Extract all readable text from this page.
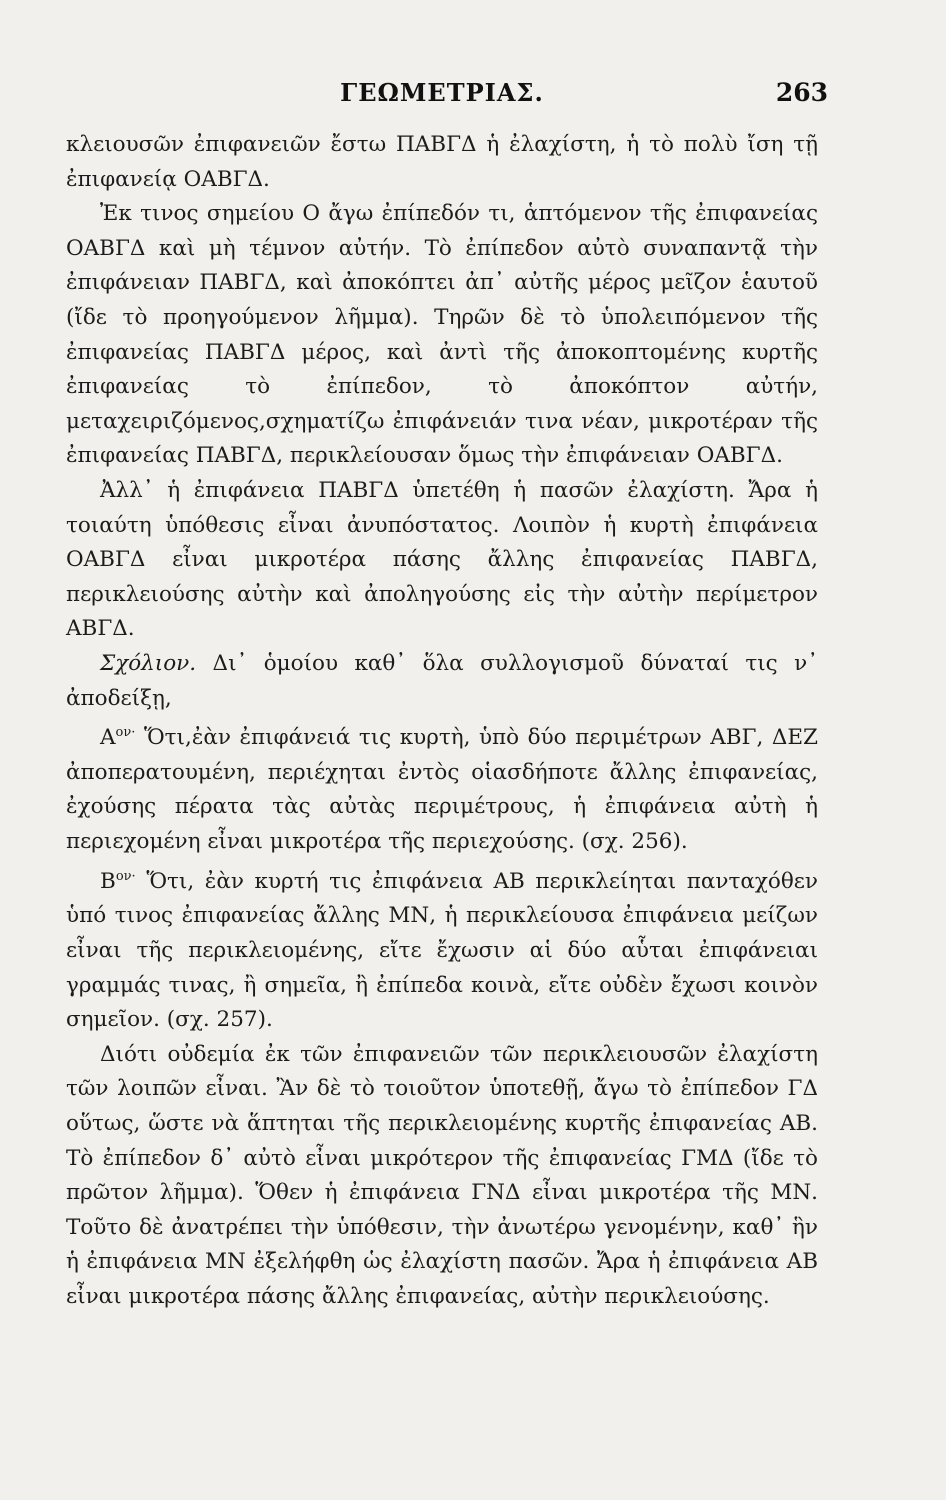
ΓΕΩΜΕΤΡΙΑΣ.	263

κλειουσῶν ἐπιφανειῶν ἔστω ΠΑΒΓΔ ἡ ἐλαχίστη, ἡ τὸ πολὺ ἴση τῇ ἐπιφανείᾳ ΟΑΒΓΔ.

Ἐκ τινος σημείου Ο ἄγω ἐπίπεδόν τι, ἁπτόμενον τῆς ἐπιφανείας ΟΑΒΓΔ καὶ μὴ τέμνον αὐτήν. Τὸ ἐπίπεδον αὐτὸ συναπαντᾷ τὴν ἐπιφάνειαν ΠΑΒΓΔ, καὶ ἀποκόπτει ἀπ᾽ αὐτῆς μέρος μεῖζον ἑαυτοῦ (ἴδε τὸ προηγούμενον λῆμμα). Τηρῶν δὲ τὸ ὑπολειπόμενον τῆς ἐπιφανείας ΠΑΒΓΔ μέρος, καὶ ἀντὶ τῆς ἀποκοπτομένης κυρτῆς ἐπιφανείας τὸ ἐπίπεδον, τὸ ἀποκόπτον αὐτήν, μεταχειριζόμενος,σχηματίζω ἐπιφάνειάν τινα νέαν, μικροτέραν τῆς ἐπιφανείας ΠΑΒΓΔ, περικλείουσαν ὅμως τὴν ἐπιφάνειαν ΟΑΒΓΔ.

Ἀλλ᾽ ἡ ἐπιφάνεια ΠΑΒΓΔ ὑπετέθη ἡ πασῶν ἐλαχίστη. Ἄρα ἡ τοιαύτη ὑπόθεσις εἶναι ἀνυπόστατος. Λοιπὸν ἡ κυρτὴ ἐπιφάνεια ΟΑΒΓΔ εἶναι μικροτέρα πάσης ἄλλης ἐπιφανείας ΠΑΒΓΔ, περικλειούσης αὐτὴν καὶ ἀποληγούσης εἰς τὴν αὐτὴν περίμετρον ΑΒΓΔ.

Σχόλιον. Δι᾽ ὁμοίου καθ᾽ ὅλα συλλογισμοῦ δύναταί τις ν᾽ ἀποδείξῃ,

$A^{o\nu\cdot}$ Ὅτι,ἐὰν ἐπιφάνειά τις κυρτὴ, ὑπὸ δύο περιμέτρων ΑΒΓ, ΔΕΖ ἀποπερατουμένη, περιέχηται ἐντὸς οἱασδήποτε ἄλλης ἐπιφανείας, ἐχούσης πέρατα τὰς αὐτὰς περιμέτρους, ἡ ἐπιφάνεια αὐτὴ ἡ περιεχομένη εἶναι μικροτέρα τῆς περιεχούσης. (σχ. 256).

$B^{o\nu\cdot}$ Ὅτι, ἐὰν κυρτή τις ἐπιφάνεια ΑΒ περικλείηται πανταχόθεν ὑπό τινος ἐπιφανείας ἄλλης ΜΝ, ἡ περικλείουσα ἐπιφάνεια μείζων εἶναι τῆς περικλειομένης, εἴτε ἔχωσιν αἱ δύο αὗται ἐπιφάνειαι γραμμάς τινας, ἢ σημεῖα, ἢ ἐπίπεδα κοινὰ, εἴτε οὐδὲν ἔχωσι κοινὸν σημεῖον. (σχ. 257).

Διότι οὐδεμία ἐκ τῶν ἐπιφανειῶν τῶν περικλειουσῶν ἐλαχίστη τῶν λοιπῶν εἶναι. Ἂν δὲ τὸ τοιοῦτον ὑποτεθῇ, ἄγω τὸ ἐπίπεδον ΓΔ οὕτως, ὥστε νὰ ἅπτηται τῆς περικλειομένης κυρτῆς ἐπιφανείας ΑΒ. Τὸ ἐπίπεδον δ᾽ αὐτὸ εἶναι μικρότερον τῆς ἐπιφανείας ΓΜΔ (ἴδε τὸ πρῶτον λῆμμα). Ὅθεν ἡ ἐπιφάνεια ΓΝΔ εἶναι μικροτέρα τῆς ΜΝ. Τοῦτο δὲ ἀνατρέπει τὴν ὑπόθεσιν, τὴν ἀνωτέρω γενομένην, καθ᾽ ἣν ἡ ἐπιφάνεια ΜΝ ἐξελήφθη ὡς ἐλαχίστη πασῶν. Ἄρα ἡ ἐπιφάνεια ΑΒ εἶναι μικροτέρα πάσης ἄλλης ἐπιφανείας, αὐτὴν περικλειούσης.
